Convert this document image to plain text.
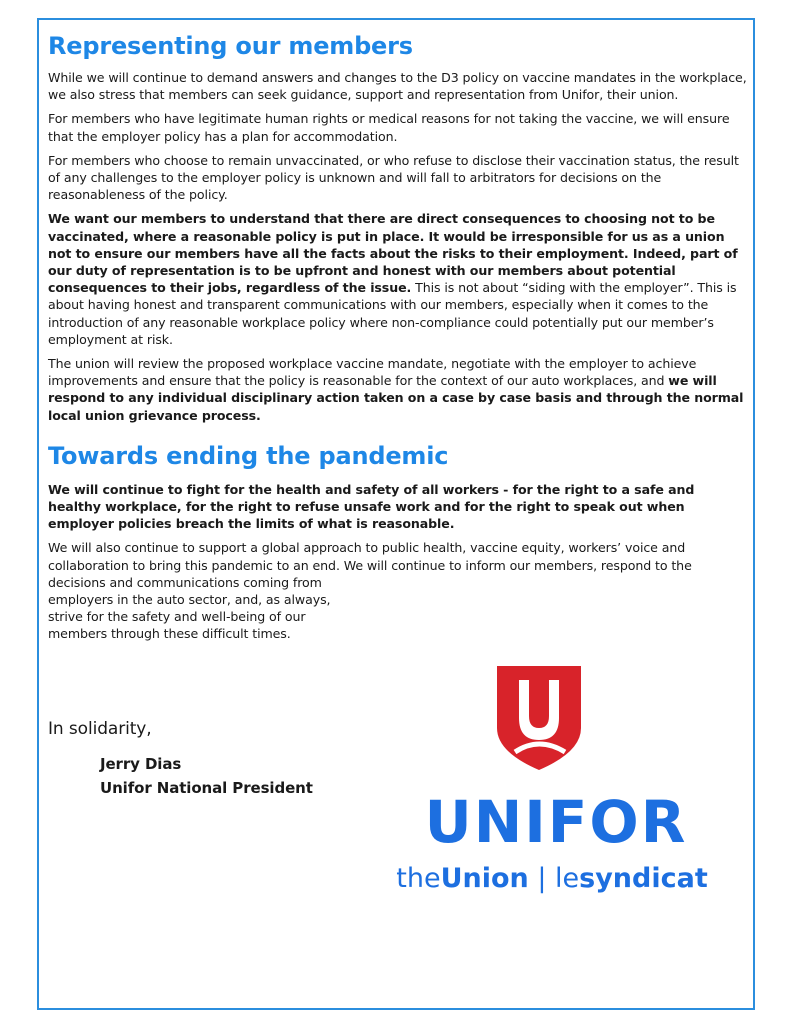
Representing our members

While we will continue to demand answers and changes to the D3 policy on vaccine mandates in the workplace, we also stress that members can seek guidance, support and representation from Unifor, their union.

For members who have legitimate human rights or medical reasons for not taking the vaccine, we will ensure that the employer policy has a plan for accommodation.

For members who choose to remain unvaccinated, or who refuse to disclose their vaccination status, the result of any challenges to the employer policy is unknown and will fall to arbitrators for decisions on the reasonableness of the policy.

We want our members to understand that there are direct consequences to choosing not to be vaccinated, where a reasonable policy is put in place. It would be irresponsible for us as a union not to ensure our members have all the facts about the risks to their employment. Indeed, part of our duty of representation is to be upfront and honest with our members about potential consequences to their jobs, regardless of the issue. This is not about “siding with the employer”. This is about having honest and transparent communications with our members, especially when it comes to the introduction of any reasonable workplace policy where non-compliance could potentially put our member’s employment at risk.

The union will review the proposed workplace vaccine mandate, negotiate with the employer to achieve improvements and ensure that the policy is reasonable for the context of our auto workplaces, and we will respond to any individual disciplinary action taken on a case by case basis and through the normal local union grievance process.

Towards ending the pandemic

We will continue to fight for the health and safety of all workers - for the right to a safe and healthy workplace, for the right to refuse unsafe work and for the right to speak out when employer policies breach the limits of what is reasonable.

We will also continue to support a global approach to public health, vaccine equity, workers’ voice and collaboration to bring this pandemic to an end. We will continue to inform our members, respond to the decisions and communications coming from

employers in the auto sector, and, as always, strive for the safety and well-being of our members through these difficult times.

In solidarity,

Jerry Dias

Unifor National President	UNIFOR
theUnion | lesyndicat
